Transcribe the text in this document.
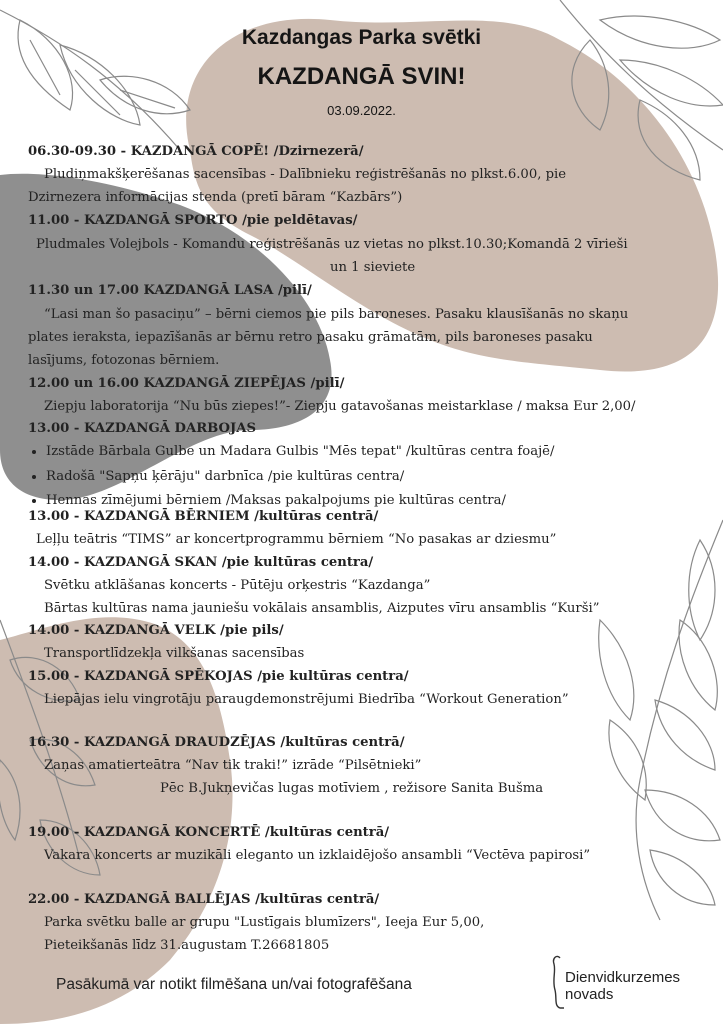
Kazdangas Parka svētki
KAZDANGĀ SVIN!
03.09.2022.
06.30-09.30 - KAZDANGĀ COPĒ! /Dzirnezerā/
Pludiņmakšķerēšanas sacensības - Dalībnieku reģistrēšanās no plkst.6.00, pie
Dzirnezera informācijas stenda (pretī bāram “Kazbārs”)
11.00 - KAZDANGĀ SPORTO /pie peldētavas/
Pludmales Volejbols - Komandu reģistrēšanās uz vietas no plkst.10.30;Komandā 2 vīrieši
un 1 sieviete
11.30 un 17.00 KAZDANGĀ LASA /pilī/
“Lasi man šo pasaciņu” – bērni ciemos pie pils baroneses. Pasaku klausīšanās no skaņu
plates ieraksta, iepazīšanās ar bērnu retro pasaku grāmatām, pils baroneses pasaku
lasījums, fotozonas bērniem.
12.00 un 16.00 KAZDANGĀ ZIEPĒJAS /pilī/
Ziepju laboratorija “Nu būs ziepes!”- Ziepju gatavošanas meistarklase / maksa Eur 2,00/
13.00 - KAZDANGĀ DARBOJAS
• Izstāde Bārbala Gulbe un Madara Gulbis "Mēs tepat" /kultūras centra foajē/
• Radošā "Sapņu ķērāju" darbnīca /pie kultūras centra/
• Hennas zīmējumi bērniem /Maksas pakalpojums pie kultūras centra/
13.00 - KAZDANGĀ BĒRNIEM /kultūras centrā/
Leļļu teātris “TIMS” ar koncertprogrammu bērniem “No pasakas ar dziesmu”
14.00 - KAZDANGĀ SKAN /pie kultūras centra/
Svētku atklāšanas koncerts - Pūtēju orķestris “Kazdanga”
Bārtas kultūras nama jauniešu vokālais ansamblis, Aizputes vīru ansamblis “Kurši”
14.00 - KAZDANGĀ VELK /pie pils/
Transportlīdzekļa vilkšanas sacensības
15.00 - KAZDANGĀ SPĒKOJAS /pie kultūras centra/
Liepājas ielu vingrotāju paraugdemonstrējumi Biedrība “Workout Generation”
16.30 - KAZDANGĀ DRAUDZĒJAS /kultūras centrā/
Zaņas amatierteātra “Nav tik traki!” izrāde “Pilsētnieki”
Pēc B.Jukņevičas lugas motīviem , režisore Sanita Bušma
19.00 - KAZDANGĀ KONCERTĒ /kultūras centrā/
Vakara koncerts ar muzikāli eleganto un izklaidējošo ansambli “Vectēva papirosi”
22.00 - KAZDANGĀ BALLĒJAS /kultūras centrā/
Parka svētku balle ar grupu "Lustīgais blumīzers", Ieeja Eur 5,00,
Pieteikšanās līdz 31.augustam T.26681805
Pasākumā var notikt filmēšana un/vai fotografēšana	Dienvidkurzemes
novads
